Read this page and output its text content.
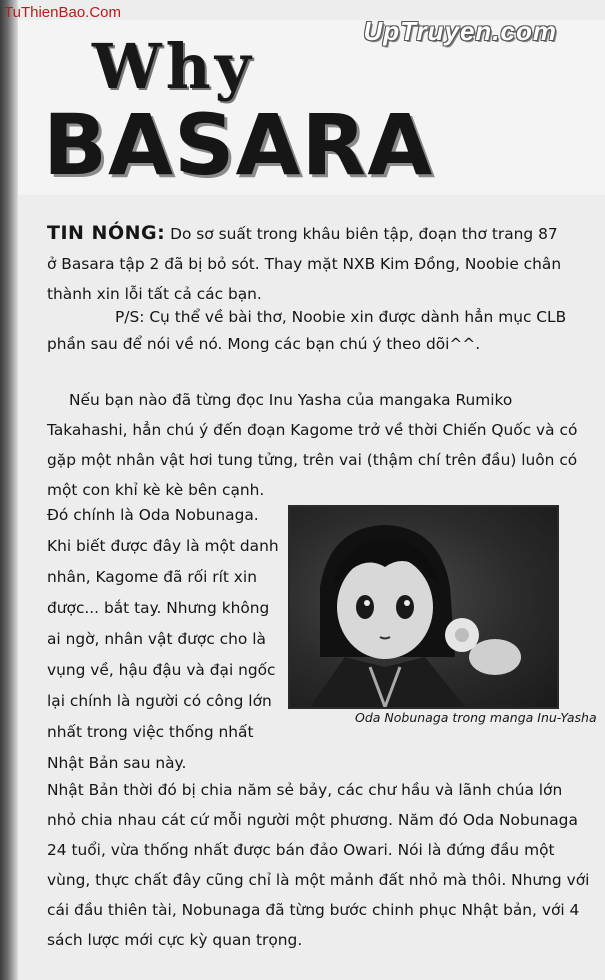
TuThienBao.Com
UpTruyen.com
Why
BASARA
TIN NÓNG: Do sơ suất trong khâu biên tập, đoạn thơ trang 87 ở Basara tập 2 đã bị bỏ sót. Thay mặt NXB Kim Đồng, Noobie chân thành xin lỗi tất cả các bạn.
P/S: Cụ thể về bài thơ, Noobie xin được dành hẳn mục CLB phần sau để nói về nó. Mong các bạn chú ý theo dõi^^.
Nếu bạn nào đã từng đọc Inu Yasha của mangaka Rumiko Takahashi, hẳn chú ý đến đoạn Kagome trở về thời Chiến Quốc và có gặp một nhân vật hơi tung tửng, trên vai (thậm chí trên đầu) luôn có một con khỉ kè kè bên cạnh.
Đó chính là Oda Nobunaga. Khi biết được đây là một danh nhân, Kagome đã rối rít xin được... bắt tay. Nhưng không ai ngờ, nhân vật được cho là vụng về, hậu đậu và đại ngốc lại chính là người có công lớn nhất trong việc thống nhất Nhật Bản sau này.
Oda Nobunaga trong manga Inu-Yasha
Nhật Bản thời đó bị chia năm sẻ bảy, các chư hầu và lãnh chúa lớn nhỏ chia nhau cát cứ mỗi người một phương. Năm đó Oda Nobunaga 24 tuổi, vừa thống nhất được bán đảo Owari. Nói là đứng đầu một vùng, thực chất đây cũng chỉ là một mảnh đất nhỏ mà thôi. Nhưng với cái đầu thiên tài, Nobunaga đã từng bước chinh phục Nhật bản, với 4 sách lược mới cực kỳ quan trọng.
